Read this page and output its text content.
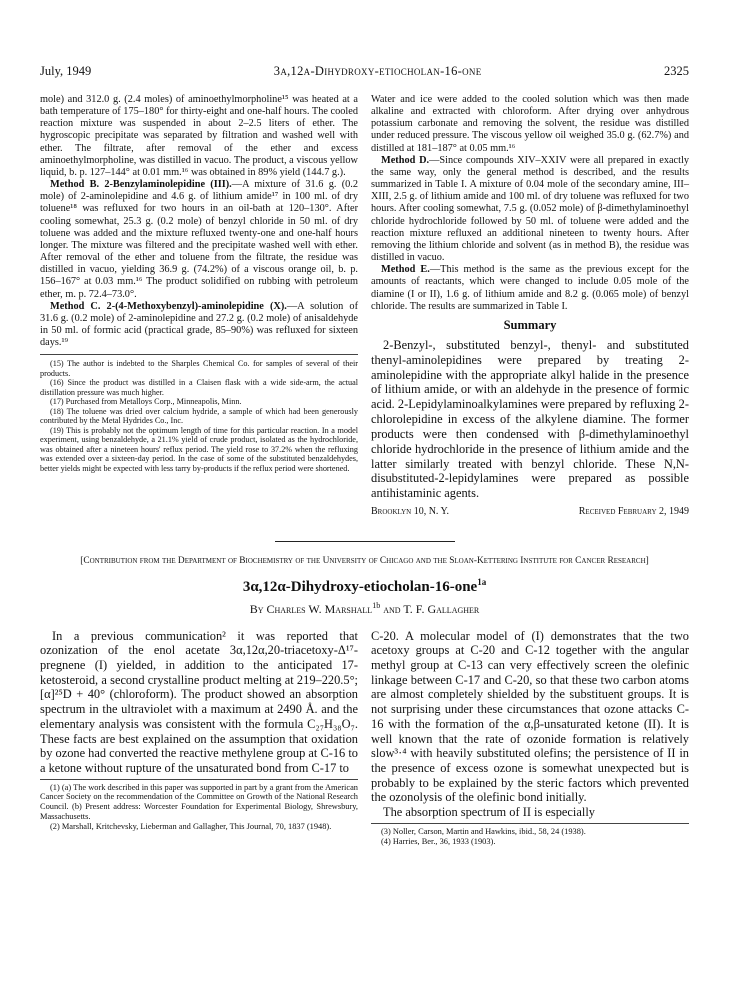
July, 1949	3α,12α-Dihydroxy-etiocholan-16-one	2325

mole) and 312.0 g. (2.4 moles) of aminoethylmorpholine¹⁵ was heated at a bath temperature of 175–180° for thirty-eight and one-half hours. The cooled reaction mixture was suspended in about 2–2.5 liters of ether. The hygroscopic precipitate was separated by filtration and washed well with ether. The filtrate, after removal of the ether and excess aminoethylmorpholine, was distilled in vacuo. The product, a viscous yellow liquid, b. p. 127–144° at 0.01 mm.¹⁶ was obtained in 89% yield (144.7 g.).

Method B. 2-Benzylaminolepidine (III).—A mixture of 31.6 g. (0.2 mole) of 2-aminolepidine and 4.6 g. of lithium amide¹⁷ in 100 ml. of dry toluene¹⁸ was refluxed for two hours in an oil-bath at 120–130°. After cooling somewhat, 25.3 g. (0.2 mole) of benzyl chloride in 50 ml. of dry toluene was added and the mixture refluxed twenty-one and one-half hours longer. The mixture was filtered and the precipitate washed well with ether. After removal of the ether and toluene from the filtrate, the residue was distilled in vacuo, yielding 36.9 g. (74.2%) of a viscous orange oil, b. p. 156–167° at 0.03 mm.¹⁶ The product solidified on rubbing with petroleum ether, m. p. 72.4–73.0°.

Method C. 2-(4-Methoxybenzyl)-aminolepidine (X).—A solution of 31.6 g. (0.2 mole) of 2-aminolepidine and 27.2 g. (0.2 mole) of anisaldehyde in 50 ml. of formic acid (practical grade, 85–90%) was refluxed for sixteen days.¹⁹

(15) The author is indebted to the Sharples Chemical Co. for samples of several of their products.

(16) Since the product was distilled in a Claisen flask with a wide side-arm, the actual distillation pressure was much higher.

(17) Purchased from Metalloys Corp., Minneapolis, Minn.

(18) The toluene was dried over calcium hydride, a sample of which had been generously contributed by the Metal Hydrides Co., Inc.

(19) This is probably not the optimum length of time for this particular reaction. In a model experiment, using benzaldehyde, a 21.1% yield of crude product, isolated as the hydrochloride, was obtained after a nineteen hours' reflux period. The yield rose to 37.2% when the refluxing was extended over a sixteen-day period. In the case of some of the substituted benzaldehydes, better yields might be expected with less tarry by-products if the reflux period were shortened.

Water and ice were added to the cooled solution which was then made alkaline and extracted with chloroform. After drying over anhydrous potassium carbonate and removing the solvent, the residue was distilled under reduced pressure. The viscous yellow oil weighed 35.0 g. (62.7%) and distilled at 181–187° at 0.05 mm.¹⁶

Method D.—Since compounds XIV–XXIV were all prepared in exactly the same way, only the general method is described, and the results summarized in Table I. A mixture of 0.04 mole of the secondary amine, III–XIII, 2.5 g. of lithium amide and 100 ml. of dry toluene was refluxed for two hours. After cooling somewhat, 7.5 g. (0.052 mole) of β-dimethylaminoethyl chloride hydrochloride followed by 50 ml. of toluene were added and the reaction mixture refluxed an additional nineteen to twenty hours. After removing the lithium chloride and solvent (as in method B), the residue was distilled in vacuo.

Method E.—This method is the same as the previous except for the amounts of reactants, which were changed to include 0.05 mole of the diamine (I or II), 1.6 g. of lithium amide and 8.2 g. (0.065 mole) of benzyl chloride. The results are summarized in Table I.

Summary

2-Benzyl-, substituted benzyl-, thenyl- and substituted thenyl-aminolepidines were prepared by treating 2-aminolepidine with the appropriate alkyl halide in the presence of lithium amide, or with an aldehyde in the presence of formic acid. 2-Lepidylaminoalkylamines were prepared by refluxing 2-chlorolepidine in excess of the alkylene diamine. The former products were then condensed with β-dimethylaminoethyl chloride hydrochloride in the presence of lithium amide and the latter similarly treated with benzyl chloride. These N,N-disubstituted-2-lepidylamines were prepared as possible antihistaminic agents.

Brooklyn 10, N. Y.	Received February 2, 1949
[Contribution from the Department of Biochemistry of the University of Chicago and the Sloan-Kettering Institute for Cancer Research]
3α,12α-Dihydroxy-etiocholan-16-one$^{1a}$
By Charles W. Marshall$^{1b}$ and T. F. Gallagher

In a previous communication² it was reported that ozonization of the enol acetate 3α,12α,20-triacetoxy-Δ¹⁷-pregnene (I) yielded, in addition to the anticipated 17-ketosteroid, a second crystalline product melting at 219–220.5°; [α]²⁵D + 40° (chloroform). The product showed an absorption spectrum in the ultraviolet with a maximum at 2490 Å. and the elementary analysis was consistent with the formula C₂₇H₃₈O₇. These facts are best explained on the assumption that oxidation by ozone had converted the reactive methylene group at C-16 to a ketone without rupture of the unsaturated bond from C-17 to

(1) (a) The work described in this paper was supported in part by a grant from the American Cancer Society on the recommendation of the Committee on Growth of the National Research Council. (b) Present address: Worcester Foundation for Experimental Biology, Shrewsbury, Massachusetts.

(2) Marshall, Kritchevsky, Lieberman and Gallagher, This Journal, 70, 1837 (1948).

C-20. A molecular model of (I) demonstrates that the two acetoxy groups at C-20 and C-12 together with the angular methyl group at C-13 can very effectively screen the olefinic linkage between C-17 and C-20, so that these two carbon atoms are almost completely shielded by the substituent groups. It is not surprising under these circumstances that ozone attacks C-16 with the formation of the α,β-unsaturated ketone (II). It is well known that the rate of ozonide formation is relatively slow³·⁴ with heavily substituted olefins; the persistence of II in the presence of excess ozone is somewhat unexpected but is probably to be explained by the steric factors which prevented the ozonolysis of the olefinic bond initially.

The absorption spectrum of II is especially

(3) Noller, Carson, Martin and Hawkins, ibid., 58, 24 (1938).

(4) Harries, Ber., 36, 1933 (1903).
